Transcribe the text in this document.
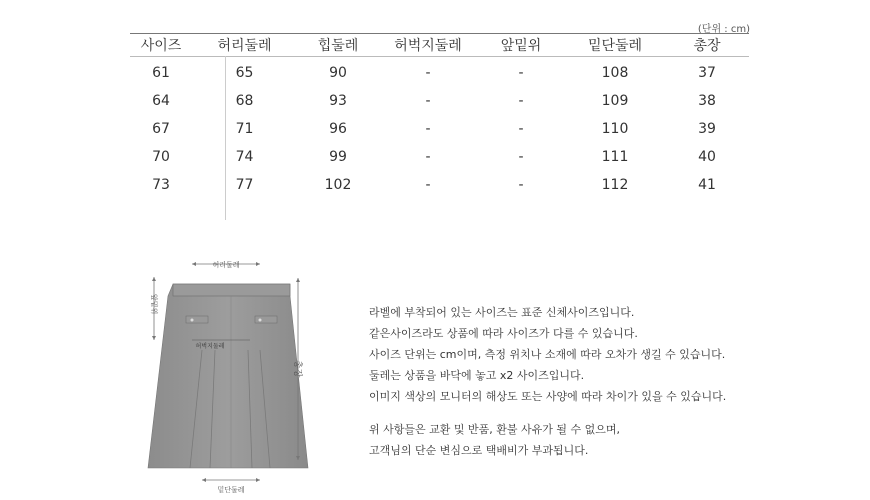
(단위 : cm)
사이즈	허리둘레	힙둘레	허벅지둘레	앞밑위	밑단둘레	총장
61	65	90	-	-	108	37
64	68	93	-	-	109	38
67	71	96	-	-	110	39
70	74	99	-	-	111	40
73	77	102	-	-	112	41
허리둘레
허벅지둘레
앞밑위
총장
밑단둘레

라벨에 부착되어 있는 사이즈는 표준 신체사이즈입니다.

같은사이즈라도 상품에 따라 사이즈가 다를 수 있습니다.

사이즈 단위는 cm이며, 측정 위치나 소재에 따라 오차가 생길 수 있습니다.

둘레는 상품을 바닥에 놓고 x2 사이즈입니다.

이미지 색상의 모니터의 해상도 또는 사양에 따라 차이가 있을 수 있습니다.

위 사항들은 교환 및 반품, 환불 사유가 될 수 없으며,

고객님의 단순 변심으로 택배비가 부과됩니다.
